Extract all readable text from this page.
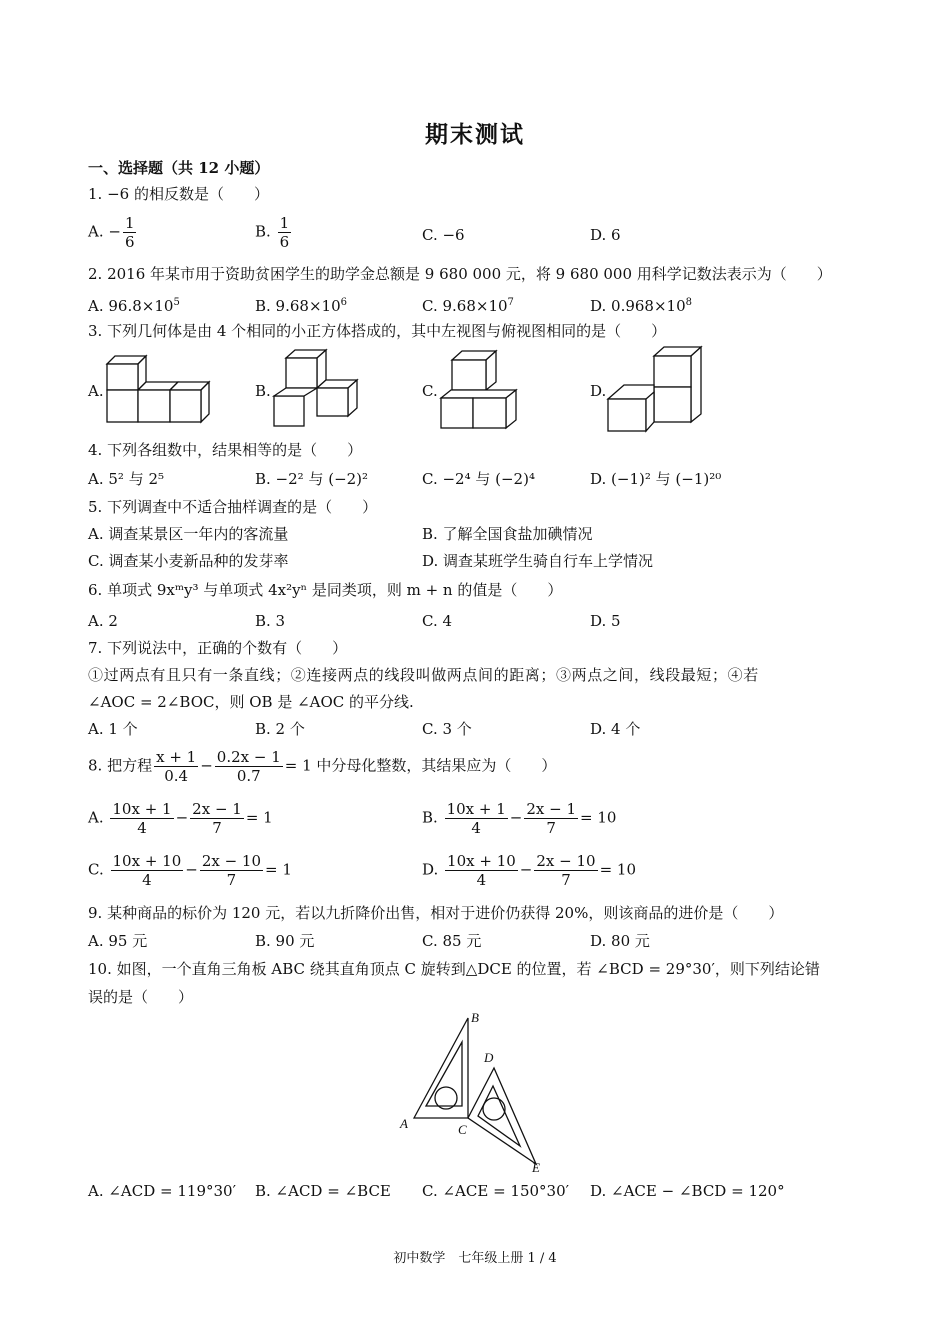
期末测试
一、选择题（共 12 小题）
1. −6 的相反数是（　　）
A. − $\frac{1}{6}$	B. $\frac{1}{6}$	C. −6	D. 6
2. 2016 年某市用于资助贫困学生的助学金总额是 9 680 000 元，将 9 680 000 用科学记数法表示为（　　）
A. $96.8\times 10^5$	B. $9.68\times 10^6$	C. $9.68\times 10^7$	D. $0.968\times 10^8$
3. 下列几何体是由 4 个相同的小正方体搭成的，其中左视图与俯视图相同的是（　　）
A.	B.	C.	D.
4. 下列各组数中，结果相等的是（　　）
A. 5² 与 2⁵	B. −2² 与 (−2)²	C. −2⁴ 与 (−2)⁴	D. (−1)² 与 (−1)²⁰
5. 下列调查中不适合抽样调查的是（　　）
A. 调查某景区一年内的客流量	B. 了解全国食盐加碘情况
C. 调查某小麦新品种的发芽率	D. 调查某班学生骑自行车上学情况
6. 单项式 9xᵐy³ 与单项式 4x²yⁿ 是同类项，则 m + n 的值是（　　）
A. 2	B. 3	C. 4	D. 5
7. 下列说法中，正确的个数有（　　）
①过两点有且只有一条直线；②连接两点的线段叫做两点间的距离；③两点之间，线段最短；④若
∠AOC = 2∠BOC，则 OB 是 ∠AOC 的平分线.
A. 1 个	B. 2 个	C. 3 个	D. 4 个
8. 把方程 $\frac{x + 1}{0.4} - \frac{0.2x - 1}{0.7} = 1$ 中分母化整数，其结果应为（　　）
A. $\frac{10x + 1}{4} - \frac{2x - 1}{7} = 1$	B. $\frac{10x + 1}{4} - \frac{2x - 1}{7} = 10$
C. $\frac{10x + 10}{4} - \frac{2x - 10}{7} = 1$	D. $\frac{10x + 10}{4} - \frac{2x - 10}{7} = 10$
9. 某种商品的标价为 120 元，若以九折降价出售，相对于进价仍获得 20%，则该商品的进价是（　　）
A. 95 元	B. 90 元	C. 85 元	D. 80 元
10. 如图，一个直角三角板 ABC 绕其直角顶点 C 旋转到△DCE 的位置，若 ∠BCD = 29°30′，则下列结论错
误的是（　　）
A
B
C
D
E
A. ∠ACD = 119°30′ B. ∠ACD = ∠BCE C. ∠ACE = 150°30′ D. ∠ACE − ∠BCD = 120°
初中数学　七年级上册 1 / 4
